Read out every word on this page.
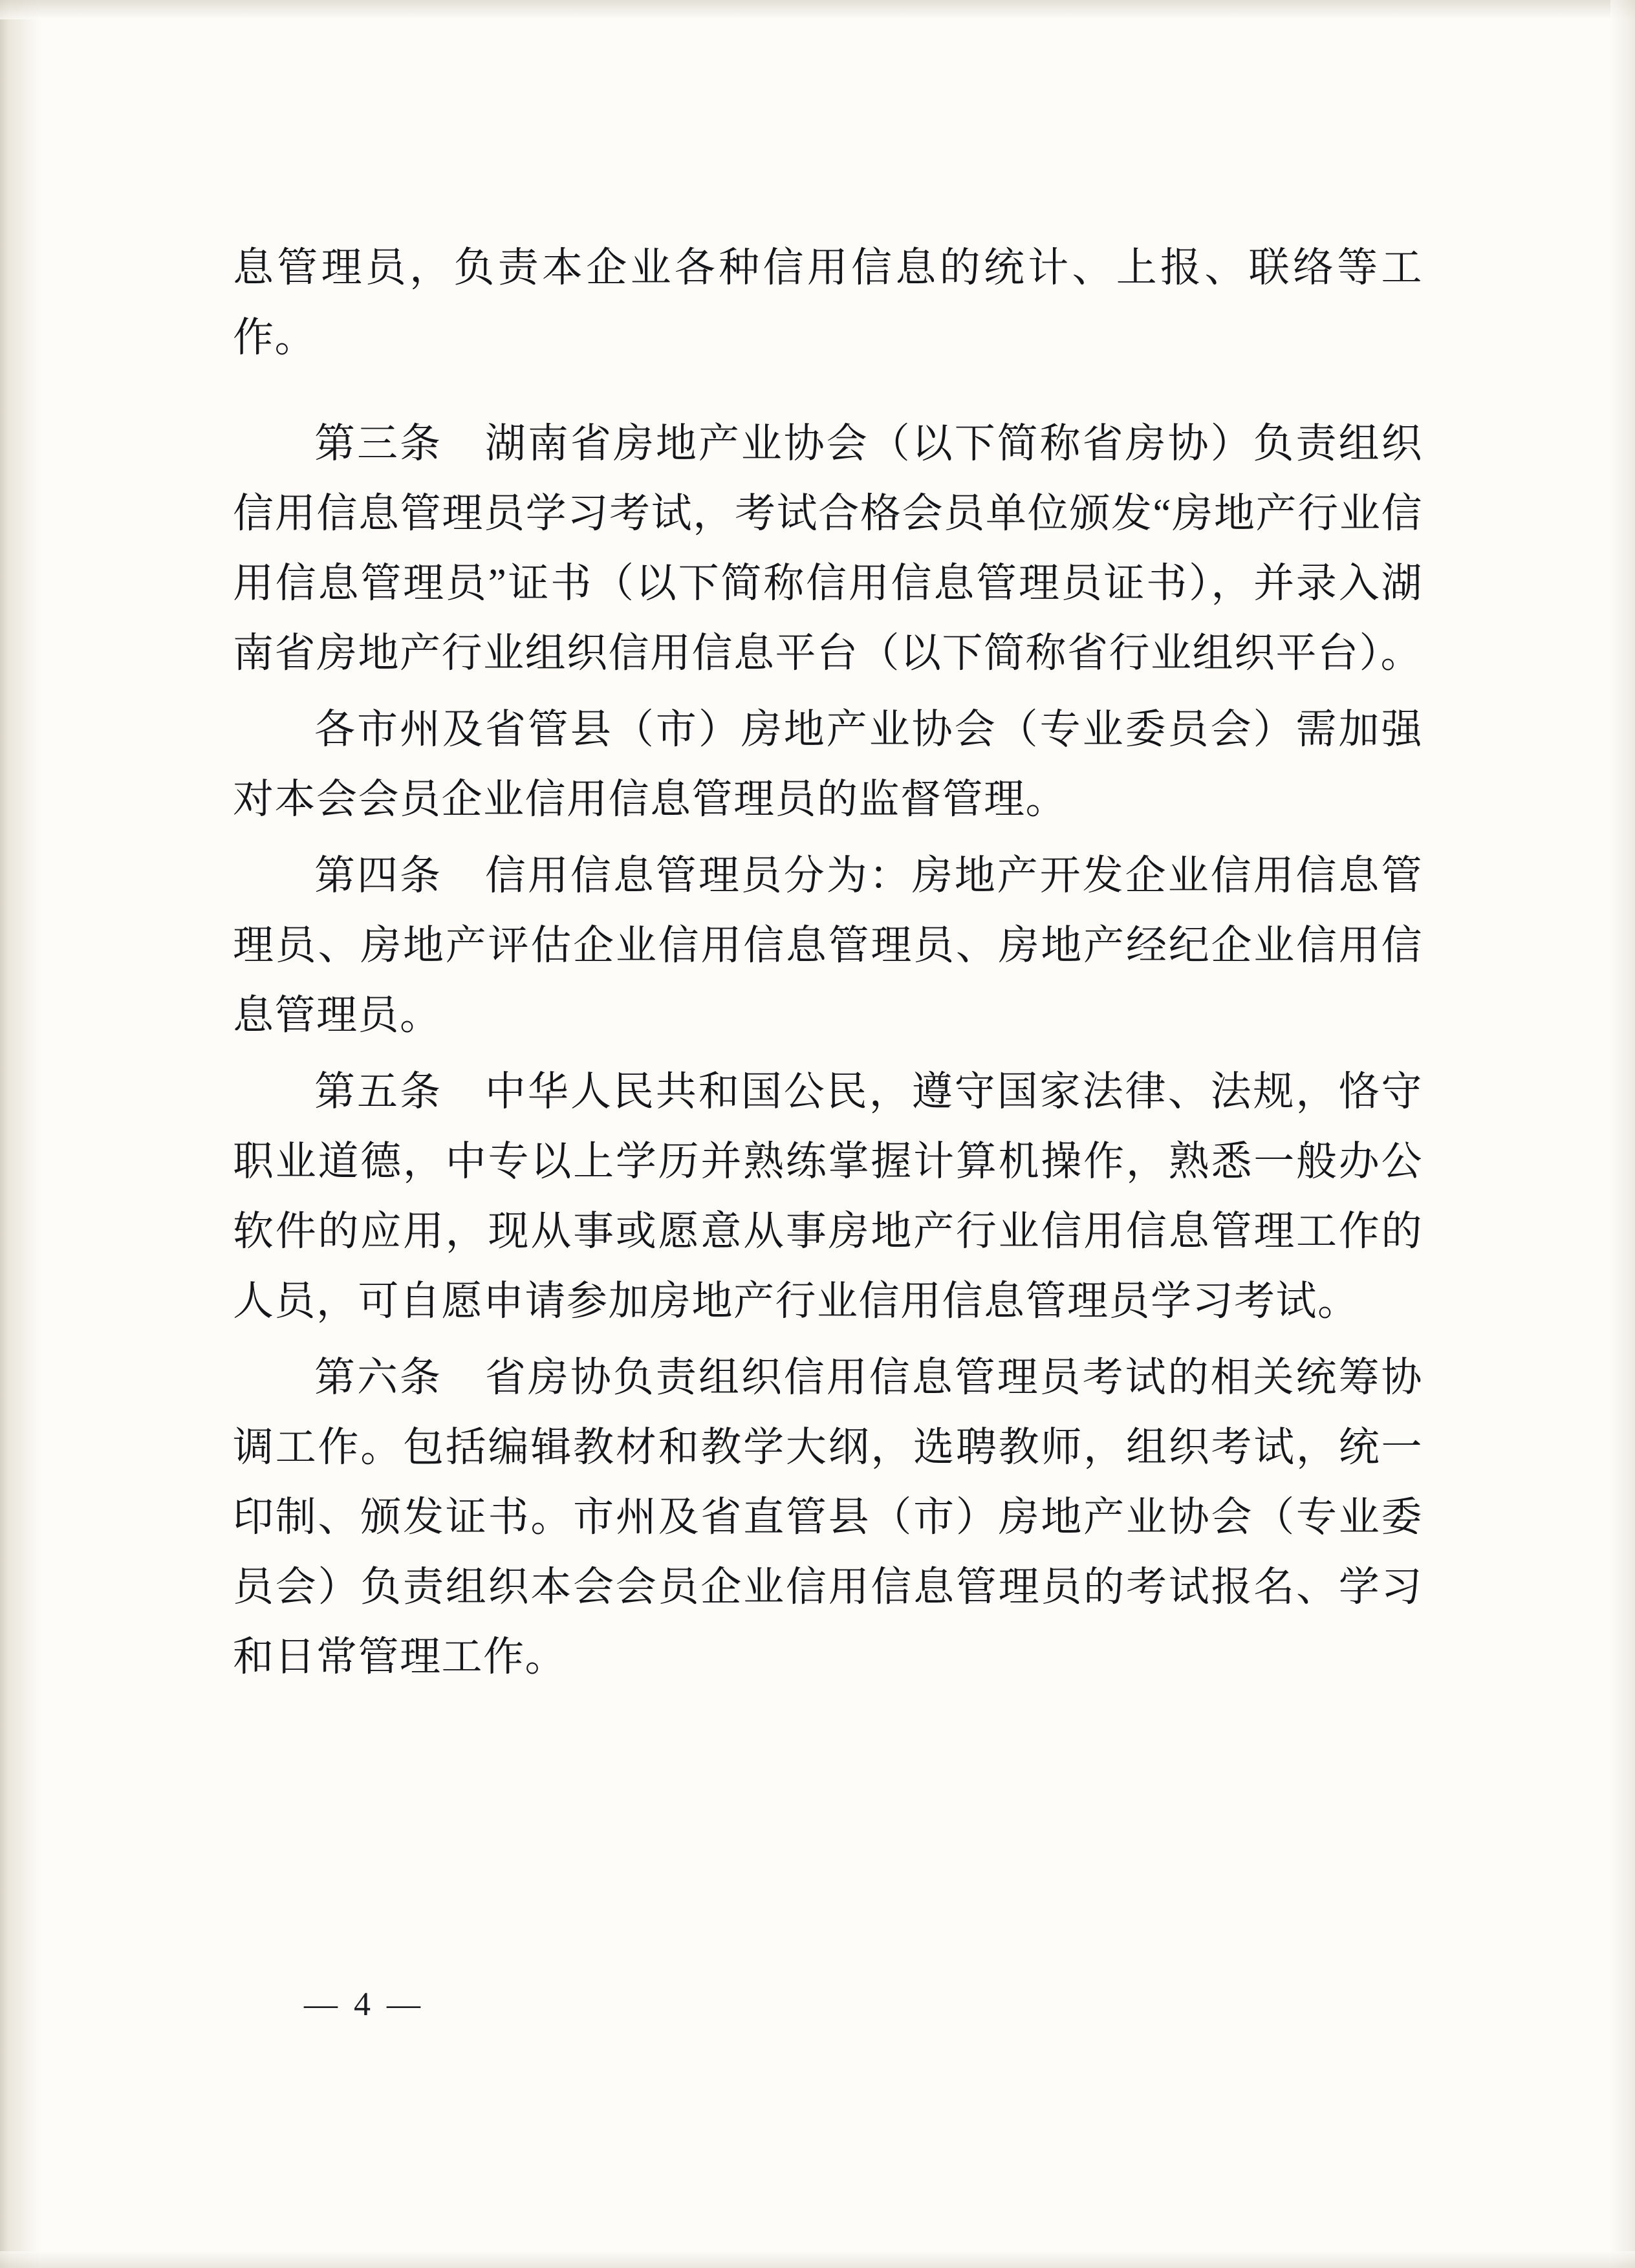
息管理员，负责本企业各种信用信息的统计、上报、联络等工作。

第三条　湖南省房地产业协会（以下简称省房协）负责组织信用信息管理员学习考试，考试合格会员单位颁发“房地产行业信用信息管理员”证书（以下简称信用信息管理员证书），并录入湖南省房地产行业组织信用信息平台（以下简称省行业组织平台）。

各市州及省管县（市）房地产业协会（专业委员会）需加强对本会会员企业信用信息管理员的监督管理。

第四条　信用信息管理员分为：房地产开发企业信用信息管理员、房地产评估企业信用信息管理员、房地产经纪企业信用信息管理员。

第五条　中华人民共和国公民，遵守国家法律、法规，恪守职业道德，中专以上学历并熟练掌握计算机操作，熟悉一般办公软件的应用，现从事或愿意从事房地产行业信用信息管理工作的人员，可自愿申请参加房地产行业信用信息管理员学习考试。

第六条　省房协负责组织信用信息管理员考试的相关统筹协调工作。包括编辑教材和教学大纲，选聘教师，组织考试，统一印制、颁发证书。市州及省直管县（市）房地产业协会（专业委员会）负责组织本会会员企业信用信息管理员的考试报名、学习和日常管理工作。

— 4 —
